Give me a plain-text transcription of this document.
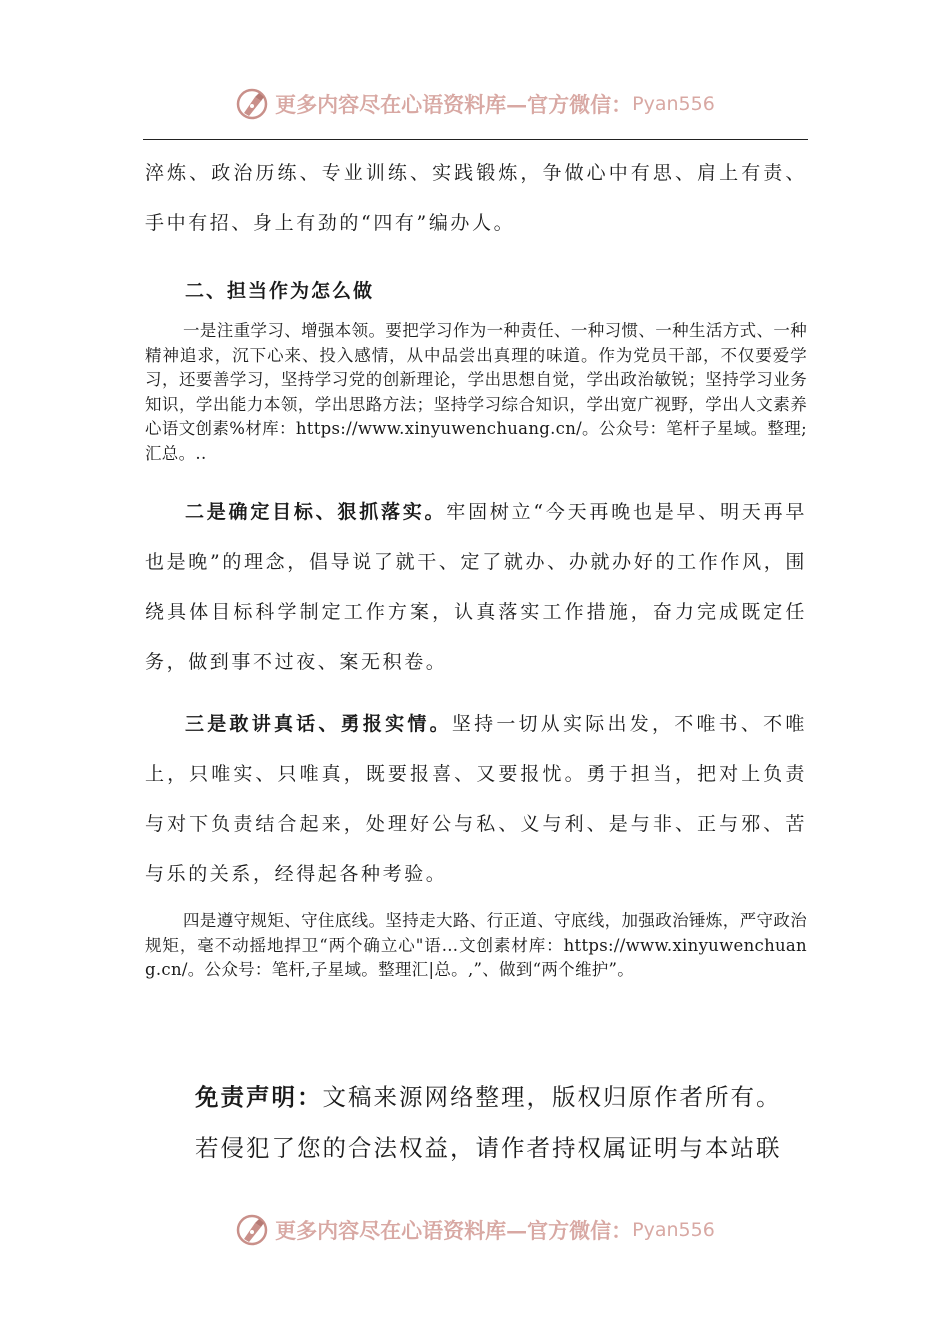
更多内容尽在心语资料库—官方微信： Pyan556

淬炼、政治历练、专业训练、实践锻炼，争做心中有思、肩上有责、手中有招、身上有劲的“四有”编办人。

二、担当作为怎么做

一是注重学习、增强本领。要把学习作为一种责任、一种习惯、一种生活方式、一种精神追求，沉下心来、投入感情，从中品尝出真理的味道。作为党员干部，不仅要爱学习，还要善学习，坚持学习党的创新理论，学出思想自觉，学出政治敏锐；坚持学习业务知识，学出能力本领，学出思路方法；坚持学习综合知识，学出宽广视野，学出人文素养心语文创素%材库：https://www.xinyuwenchuang.cn/。公众号：笔杆子星域。整理;汇总。..

二是确定目标、狠抓落实。牢固树立“今天再晚也是早、明天再早也是晚”的理念，倡导说了就干、定了就办、办就办好的工作作风，围绕具体目标科学制定工作方案，认真落实工作措施，奋力完成既定任务，做到事不过夜、案无积卷。

三是敢讲真话、勇报实情。坚持一切从实际出发，不唯书、不唯上，只唯实、只唯真，既要报喜、又要报忧。勇于担当，把对上负责与对下负责结合起来，处理好公与私、义与利、是与非、正与邪、苦与乐的关系，经得起各种考验。

四是遵守规矩、守住底线。坚持走大路、行正道、守底线，加强政治锤炼，严守政治规矩，毫不动摇地捍卫“两个确立心"语…文创素材库：https://www.xinyuwenchuang.cn/。公众号：笔杆,子星域。整理汇|总。,”、做到“两个维护”。

免责声明：文稿来源网络整理，版权归原作者所有。

若侵犯了您的合法权益，请作者持权属证明与本站联

更多内容尽在心语资料库—官方微信： Pyan556
